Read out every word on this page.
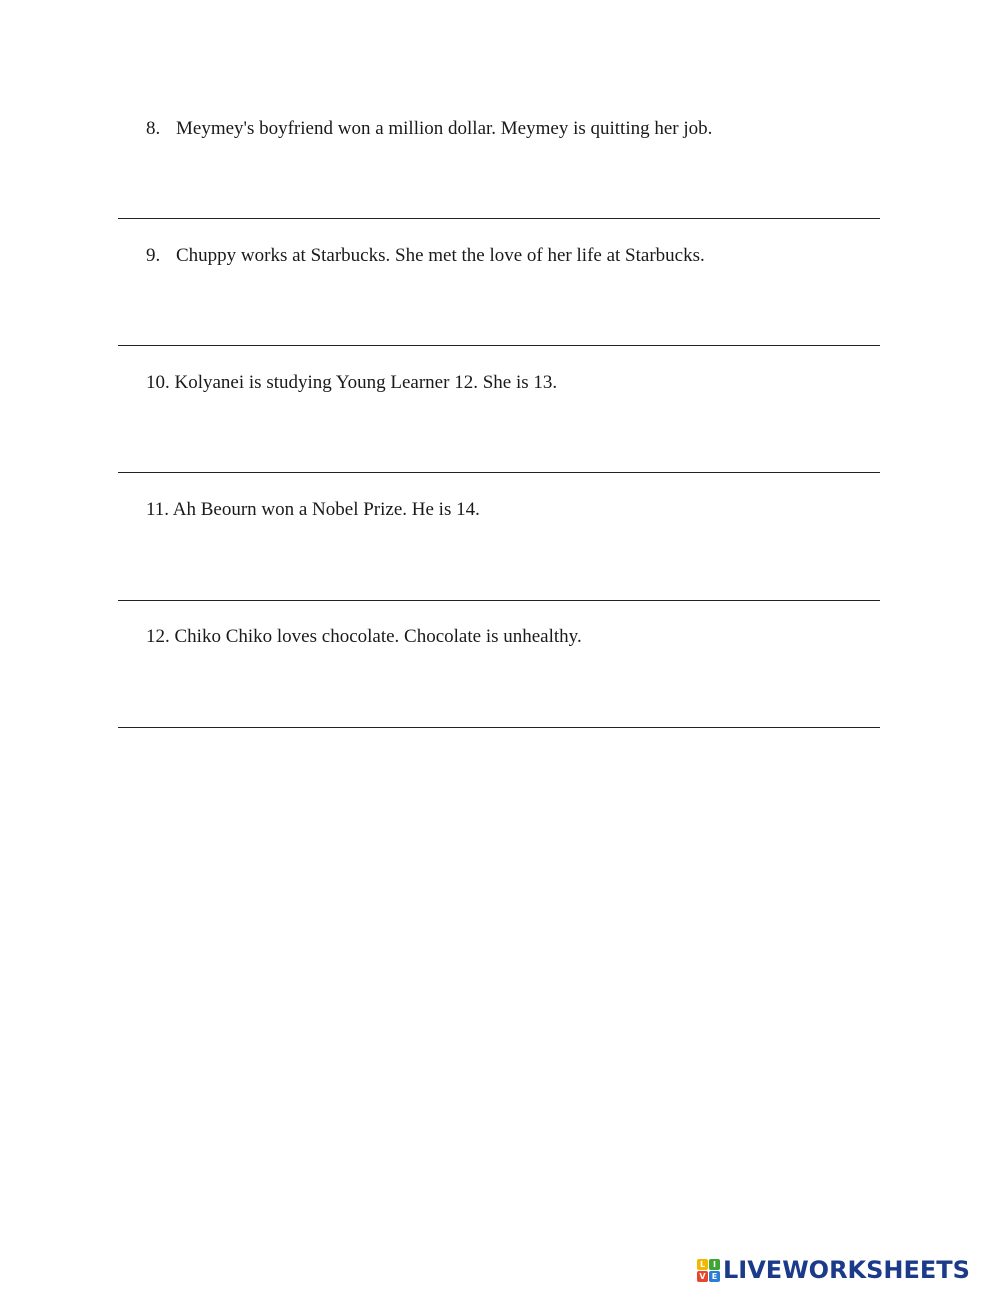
8. Meymey's boyfriend won a million dollar. Meymey is quitting her job.
9. Chuppy works at Starbucks. She met the love of her life at Starbucks.
10. Kolyanei is studying Young Learner 12. She is 13.
11. Ah Beourn won a Nobel Prize. He is 14.
12. Chiko Chiko loves chocolate. Chocolate is unhealthy.
L I
V E LIVEWORKSHEETS
